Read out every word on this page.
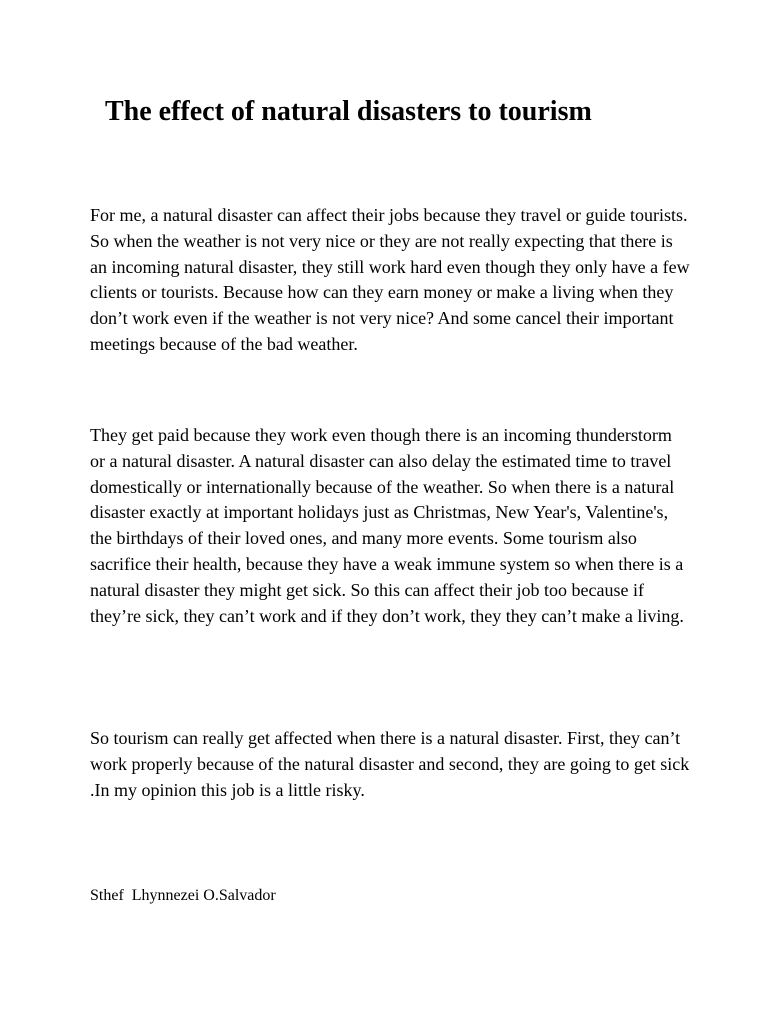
The effect of natural disasters to tourism

For me, a natural disaster can affect their jobs because they travel or guide tourists. So when the weather is not very nice or they are not really expecting that there is an incoming natural disaster, they still work hard even though they only have a few clients or tourists. Because how can they earn money or make a living when they don’t work even if the weather is not very nice? And some cancel their important meetings because of the bad weather.

They get paid because they work even though there is an incoming thunderstorm or a natural disaster. A natural disaster can also delay the estimated time to travel domestically or internationally because of the weather. So when there is a natural disaster exactly at important holidays just as Christmas, New Year's, Valentine's, the birthdays of their loved ones, and many more events. Some tourism also sacrifice their health, because they have a weak immune system so when there is a natural disaster they might get sick. So this can affect their job too because if they’re sick, they can’t work and if they don’t work, they they can’t make a living.

So tourism can really get affected when there is a natural disaster. First, they can’t work properly because of the natural disaster and second, they are going to get sick .In my opinion this job is a little risky.

Sthef  Lhynnezei O.Salvador
